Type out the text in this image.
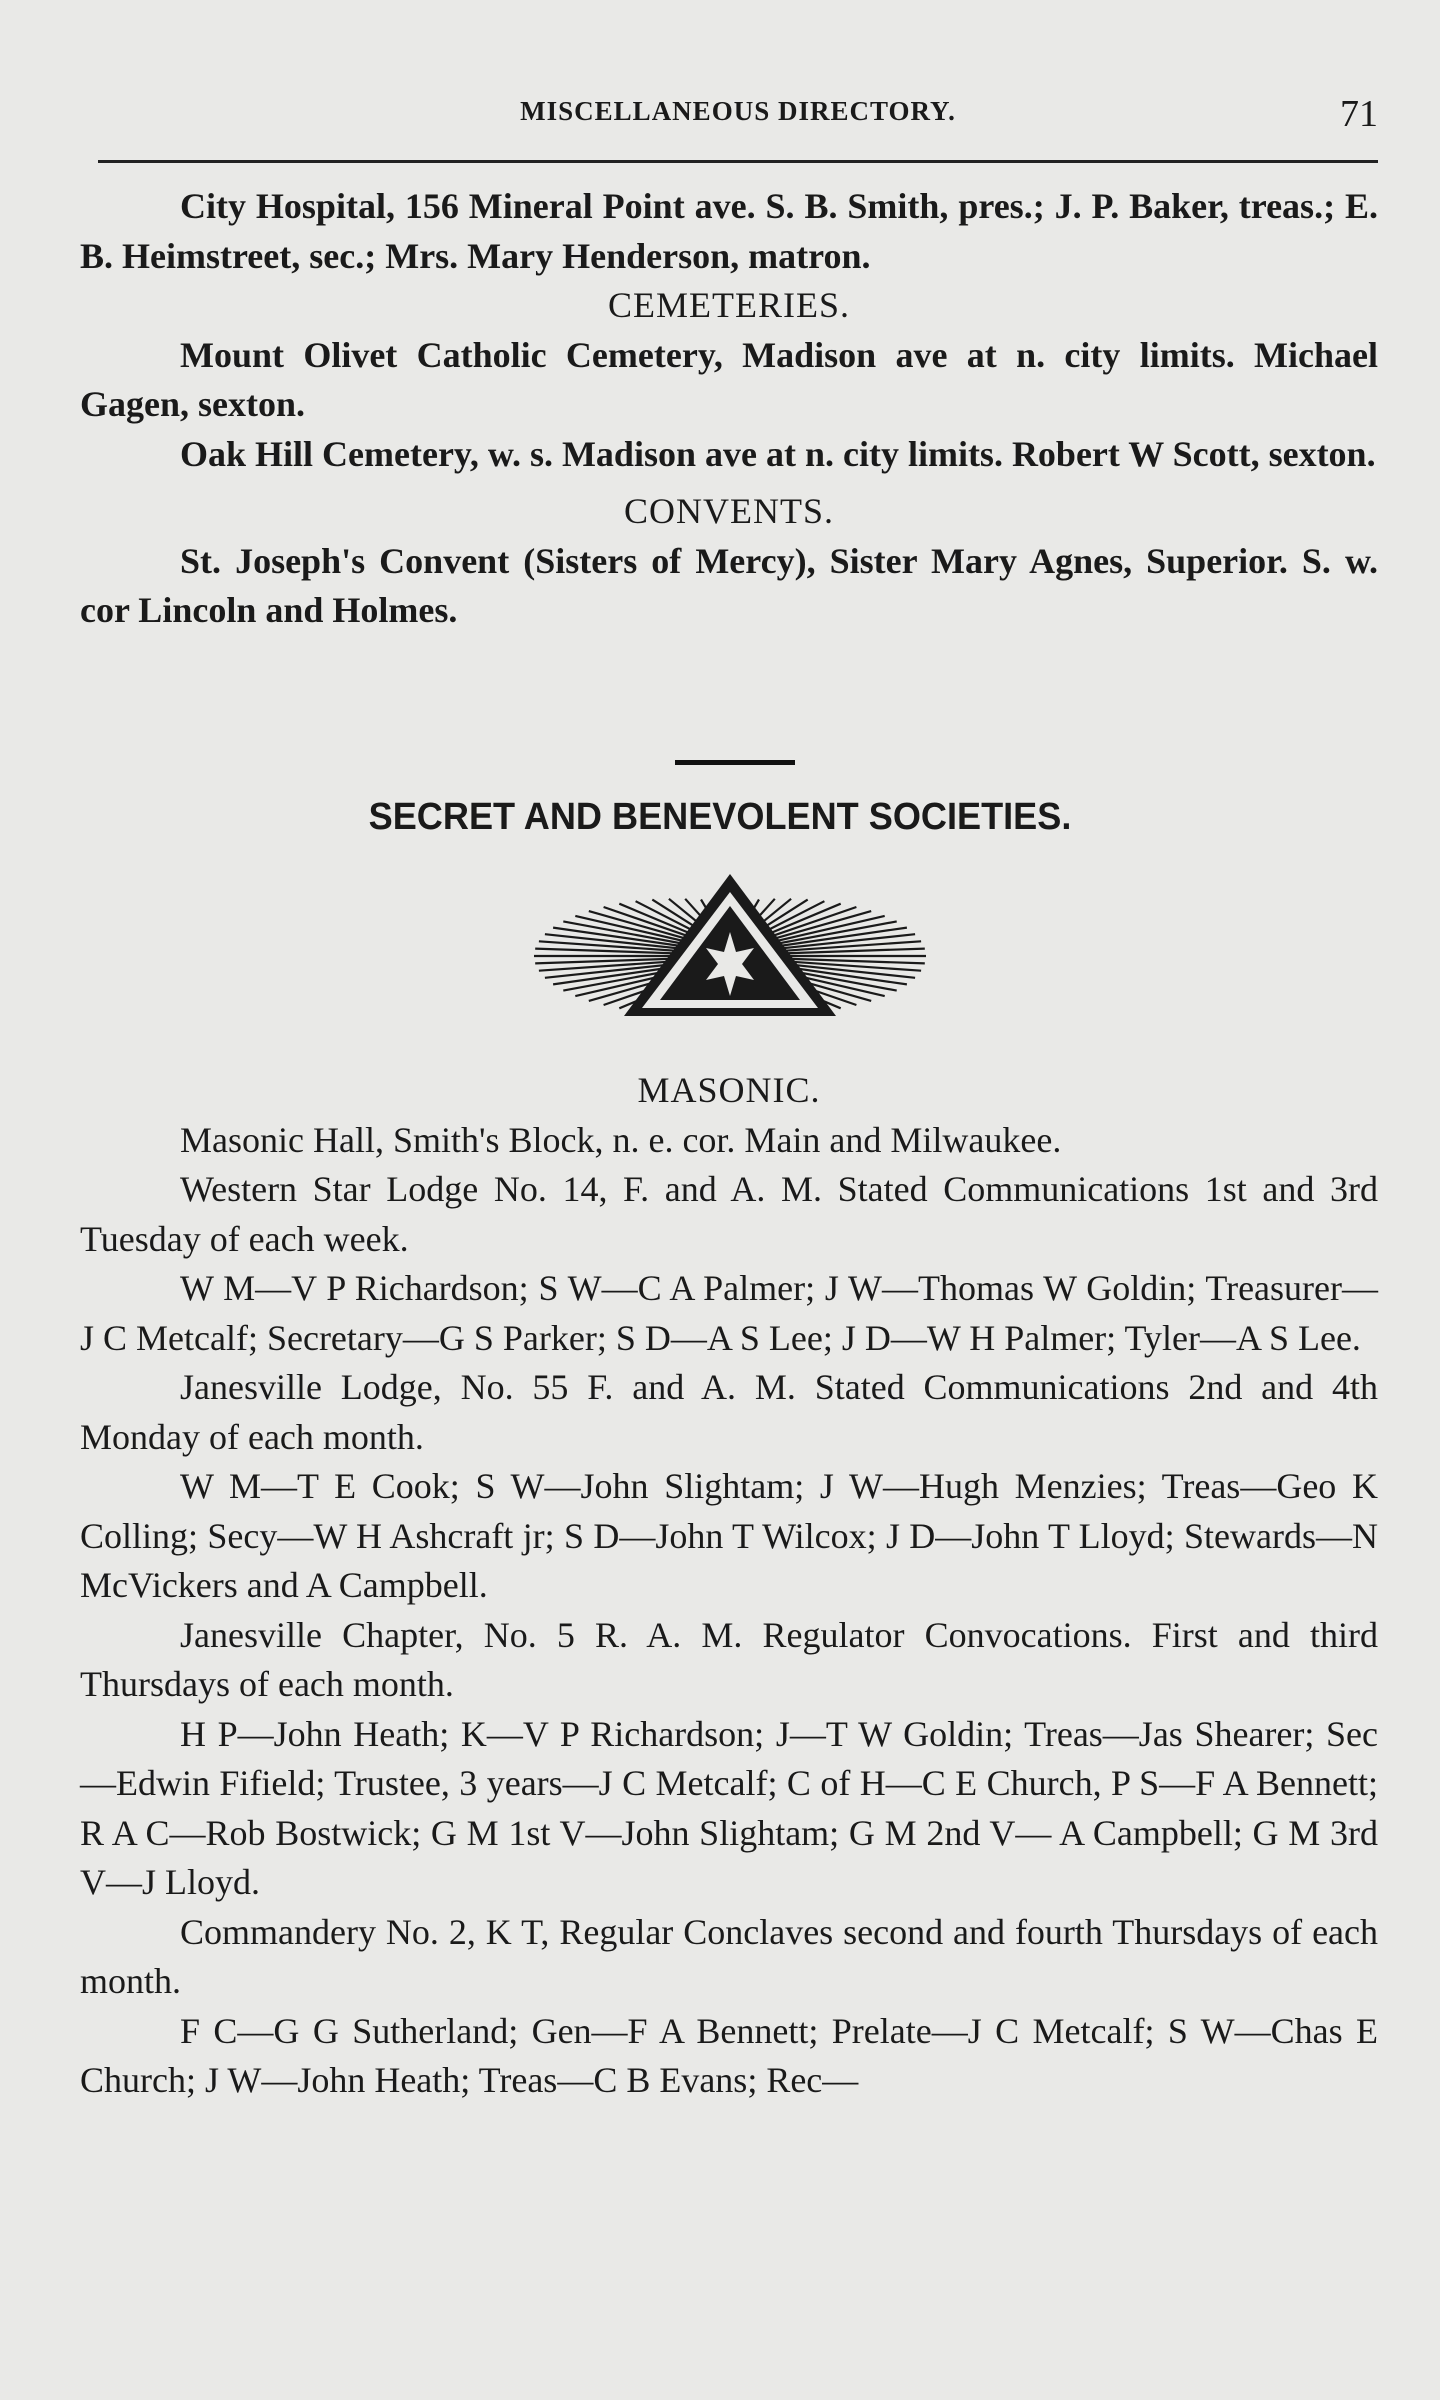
MISCELLANEOUS DIRECTORY.	71

City Hospital, 156 Mineral Point ave. S. B. Smith, pres.; J. P. Baker, treas.; E. B. Heimstreet, sec.; Mrs. Mary Henderson, matron.

CEMETERIES.

Mount Olivet Catholic Cemetery, Madison ave at n. city limits. Michael Gagen, sexton.

Oak Hill Cemetery, w. s. Madison ave at n. city limits. Robert W Scott, sexton.

CONVENTS.

St. Joseph's Convent (Sisters of Mercy), Sister Mary Agnes, Superior. S. w. cor Lincoln and Holmes.

SECRET AND BENEVOLENT SOCIETIES.

MASONIC.

Masonic Hall, Smith's Block, n. e. cor. Main and Milwaukee.

Western Star Lodge No. 14, F. and A. M. Stated Communications 1st and 3rd Tuesday of each week.

W M—V P Richardson; S W—C A Palmer; J W—Thomas W Goldin; Treasurer—J C Metcalf; Secretary—G S Parker; S D—A S Lee; J D—W H Palmer; Tyler—A S Lee.

Janesville Lodge, No. 55 F. and A. M. Stated Communications 2nd and 4th Monday of each month.

W M—T E Cook; S W—John Slightam; J W—Hugh Menzies; Treas—Geo K Colling; Secy—W H Ashcraft jr; S D—John T Wilcox; J D—John T Lloyd; Stewards—N McVickers and A Campbell.

Janesville Chapter, No. 5 R. A. M. Regulator Convocations. First and third Thursdays of each month.

H P—John Heath; K—V P Richardson; J—T W Goldin; Treas—Jas Shearer; Sec—Edwin Fifield; Trustee, 3 years—J C Metcalf; C of H—C E Church, P S—F A Bennett; R A C—Rob Bostwick; G M 1st V—John Slightam; G M 2nd V— A Campbell; G M 3rd V—J Lloyd.

Commandery No. 2, K T, Regular Conclaves second and fourth Thursdays of each month.

F C—G G Sutherland; Gen—F A Bennett; Prelate—J C Metcalf; S W—Chas E Church; J W—John Heath; Treas—C B Evans; Rec—
